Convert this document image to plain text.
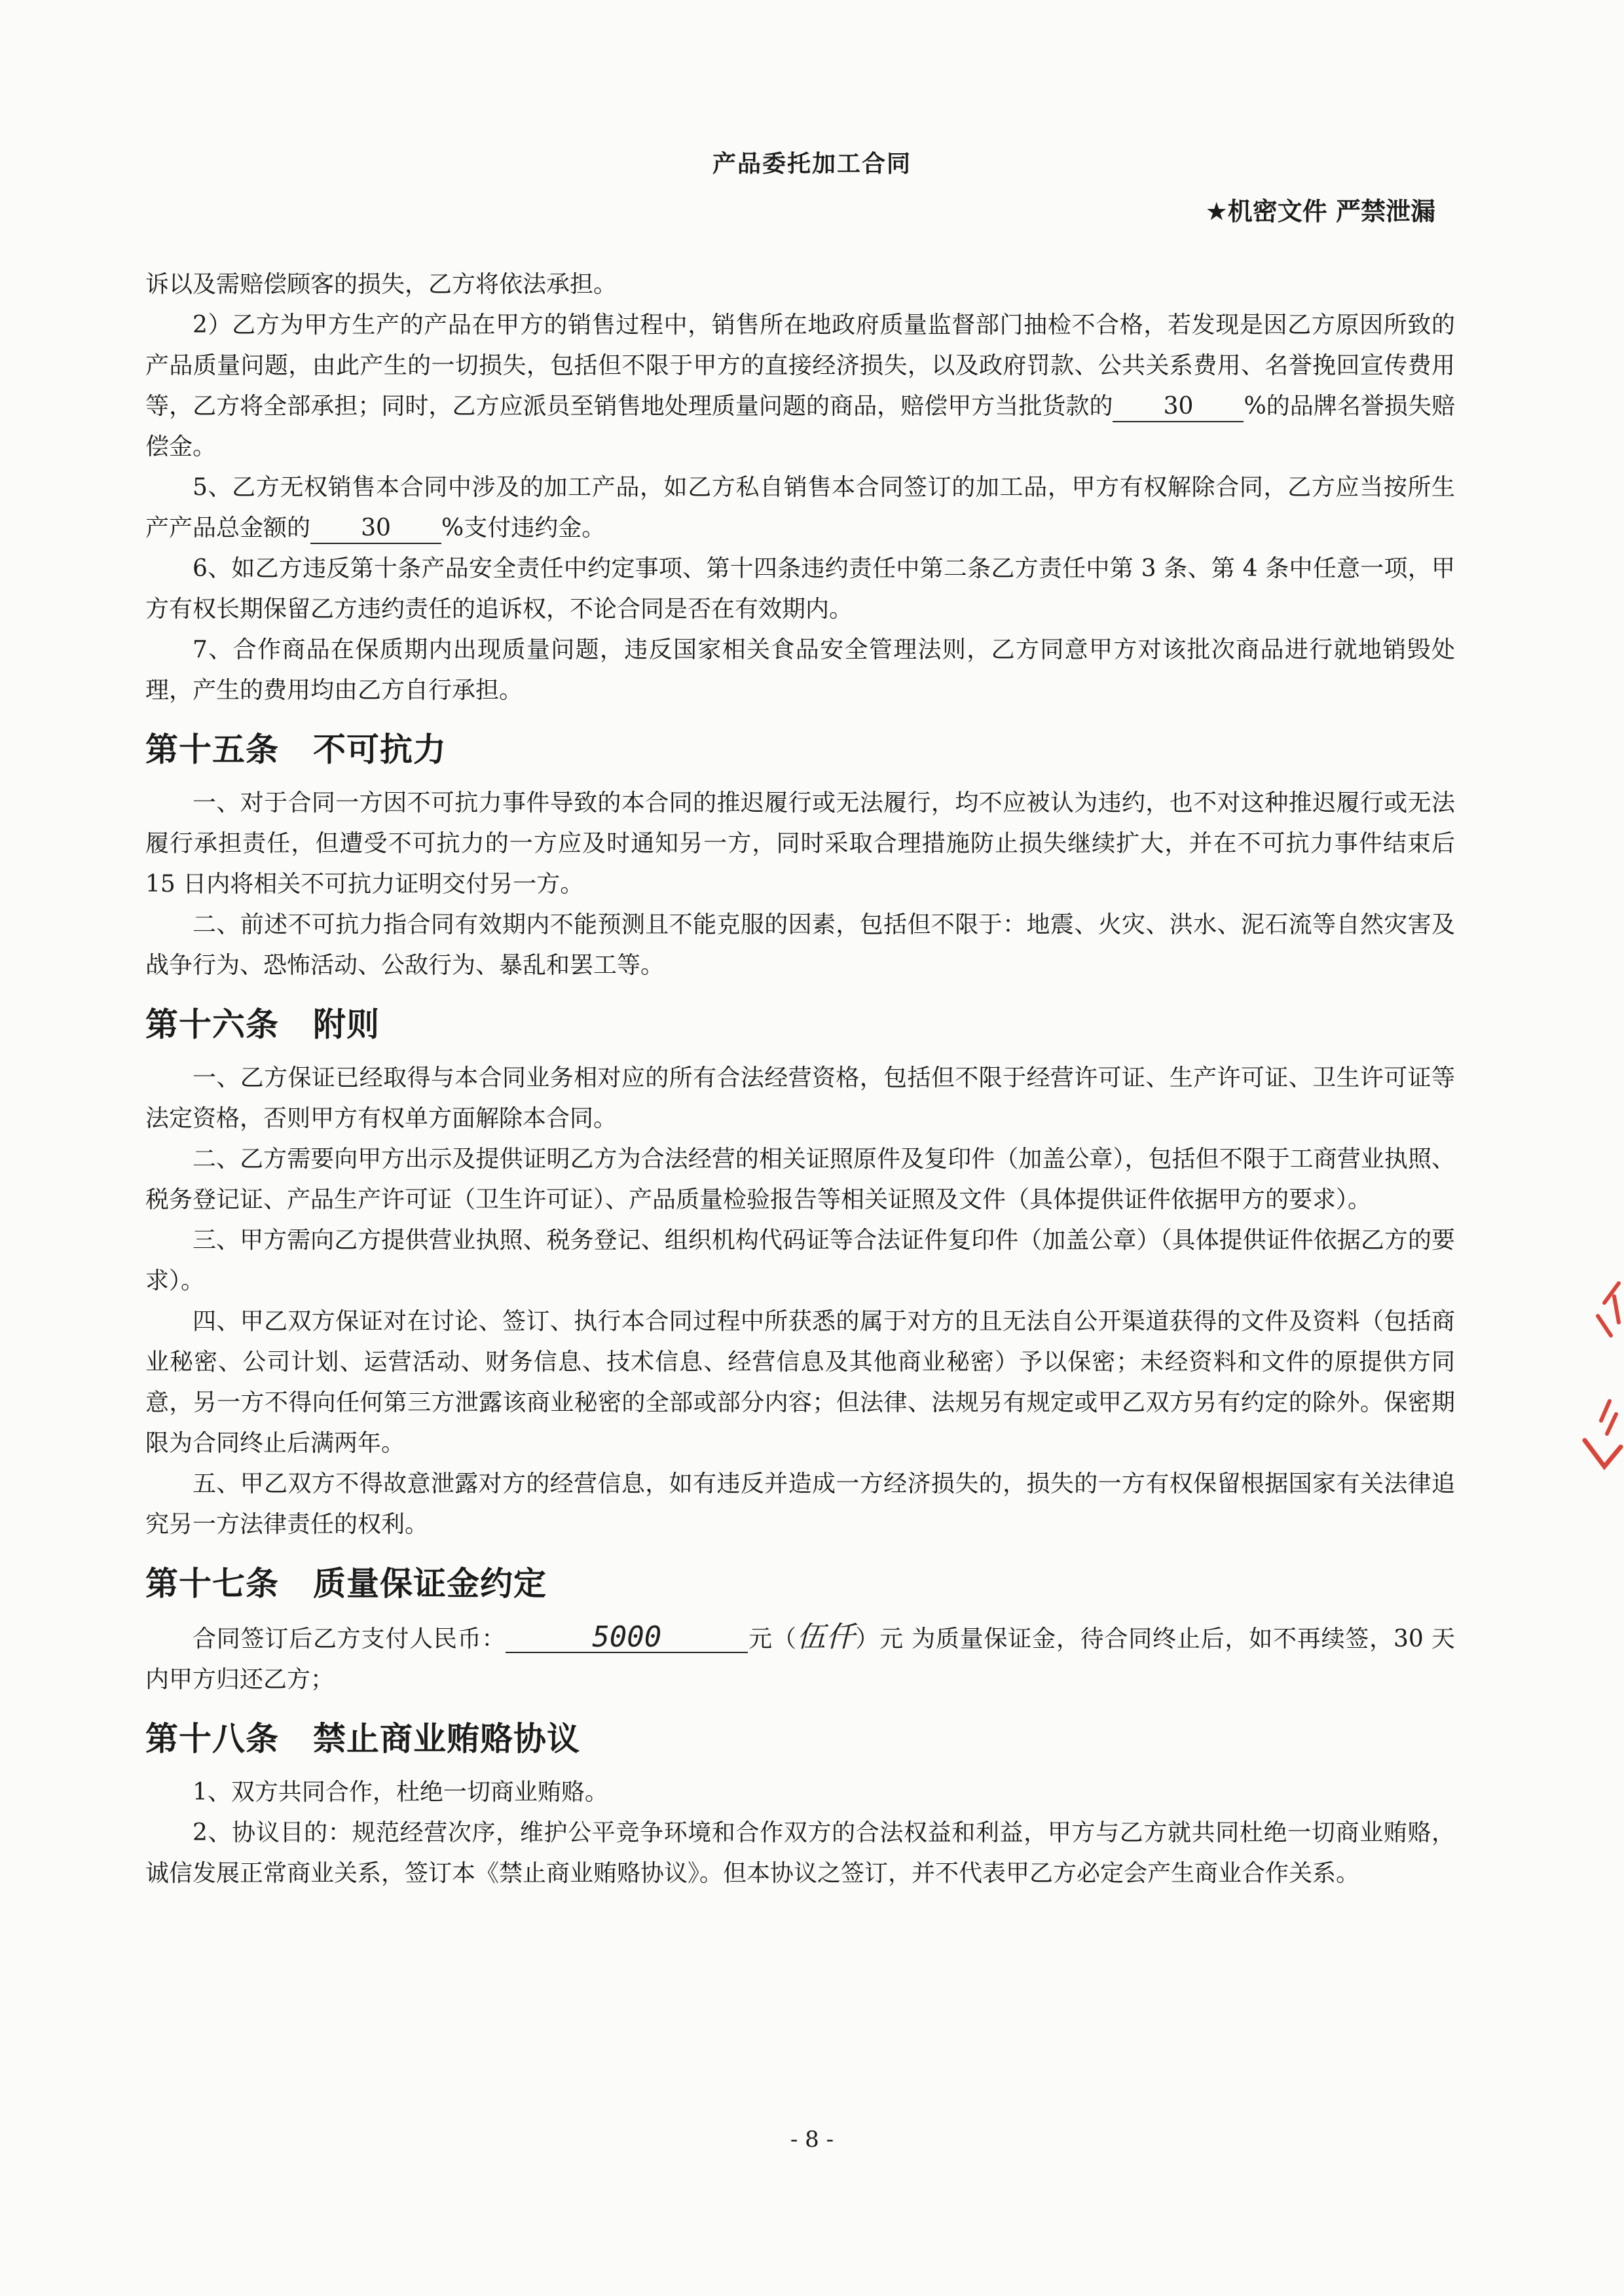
产品委托加工合同
★机密文件 严禁泄漏

诉以及需赔偿顾客的损失，乙方将依法承担。

2）乙方为甲方生产的产品在甲方的销售过程中，销售所在地政府质量监督部门抽检不合格，若发现是因乙方原因所致的产品质量问题，由此产生的一切损失，包括但不限于甲方的直接经济损失，以及政府罚款、公共关系费用、名誉挽回宣传费用等，乙方将全部承担；同时，乙方应派员至销售地处理质量问题的商品，赔偿甲方当批货款的 30 %的品牌名誉损失赔偿金。

5、乙方无权销售本合同中涉及的加工产品，如乙方私自销售本合同签订的加工品，甲方有权解除合同，乙方应当按所生产产品总金额的 30 %支付违约金。

6、如乙方违反第十条产品安全责任中约定事项、第十四条违约责任中第二条乙方责任中第 3 条、第 4 条中任意一项，甲方有权长期保留乙方违约责任的追诉权，不论合同是否在有效期内。

7、合作商品在保质期内出现质量问题，违反国家相关食品安全管理法则，乙方同意甲方对该批次商品进行就地销毁处理，产生的费用均由乙方自行承担。

第十五条 不可抗力

一、对于合同一方因不可抗力事件导致的本合同的推迟履行或无法履行，均不应被认为违约，也不对这种推迟履行或无法履行承担责任，但遭受不可抗力的一方应及时通知另一方，同时采取合理措施防止损失继续扩大，并在不可抗力事件结束后 15 日内将相关不可抗力证明交付另一方。

二、前述不可抗力指合同有效期内不能预测且不能克服的因素，包括但不限于：地震、火灾、洪水、泥石流等自然灾害及战争行为、恐怖活动、公敌行为、暴乱和罢工等。

第十六条 附则

一、乙方保证已经取得与本合同业务相对应的所有合法经营资格，包括但不限于经营许可证、生产许可证、卫生许可证等法定资格，否则甲方有权单方面解除本合同。

二、乙方需要向甲方出示及提供证明乙方为合法经营的相关证照原件及复印件（加盖公章），包括但不限于工商营业执照、税务登记证、产品生产许可证（卫生许可证）、产品质量检验报告等相关证照及文件（具体提供证件依据甲方的要求）。

三、甲方需向乙方提供营业执照、税务登记、组织机构代码证等合法证件复印件（加盖公章）（具体提供证件依据乙方的要求）。

四、甲乙双方保证对在讨论、签订、执行本合同过程中所获悉的属于对方的且无法自公开渠道获得的文件及资料（包括商业秘密、公司计划、运营活动、财务信息、技术信息、经营信息及其他商业秘密）予以保密；未经资料和文件的原提供方同意，另一方不得向任何第三方泄露该商业秘密的全部或部分内容；但法律、法规另有规定或甲乙双方另有约定的除外。保密期限为合同终止后满两年。

五、甲乙双方不得故意泄露对方的经营信息，如有违反并造成一方经济损失的，损失的一方有权保留根据国家有关法律追究另一方法律责任的权利。

第十七条 质量保证金约定

合同签订后乙方支付人民币：	5000	元（伍仟）元 为质量保证金，待合同终止后，如不再续签，30 天内甲方归还乙方；

第十八条 禁止商业贿赂协议

1、双方共同合作，杜绝一切商业贿赂。

2、协议目的：规范经营次序，维护公平竞争环境和合作双方的合法权益和利益，甲方与乙方就共同杜绝一切商业贿赂，诚信发展正常商业关系，签订本《禁止商业贿赂协议》。但本协议之签订，并不代表甲乙方必定会产生商业合作关系。

- 8 -
